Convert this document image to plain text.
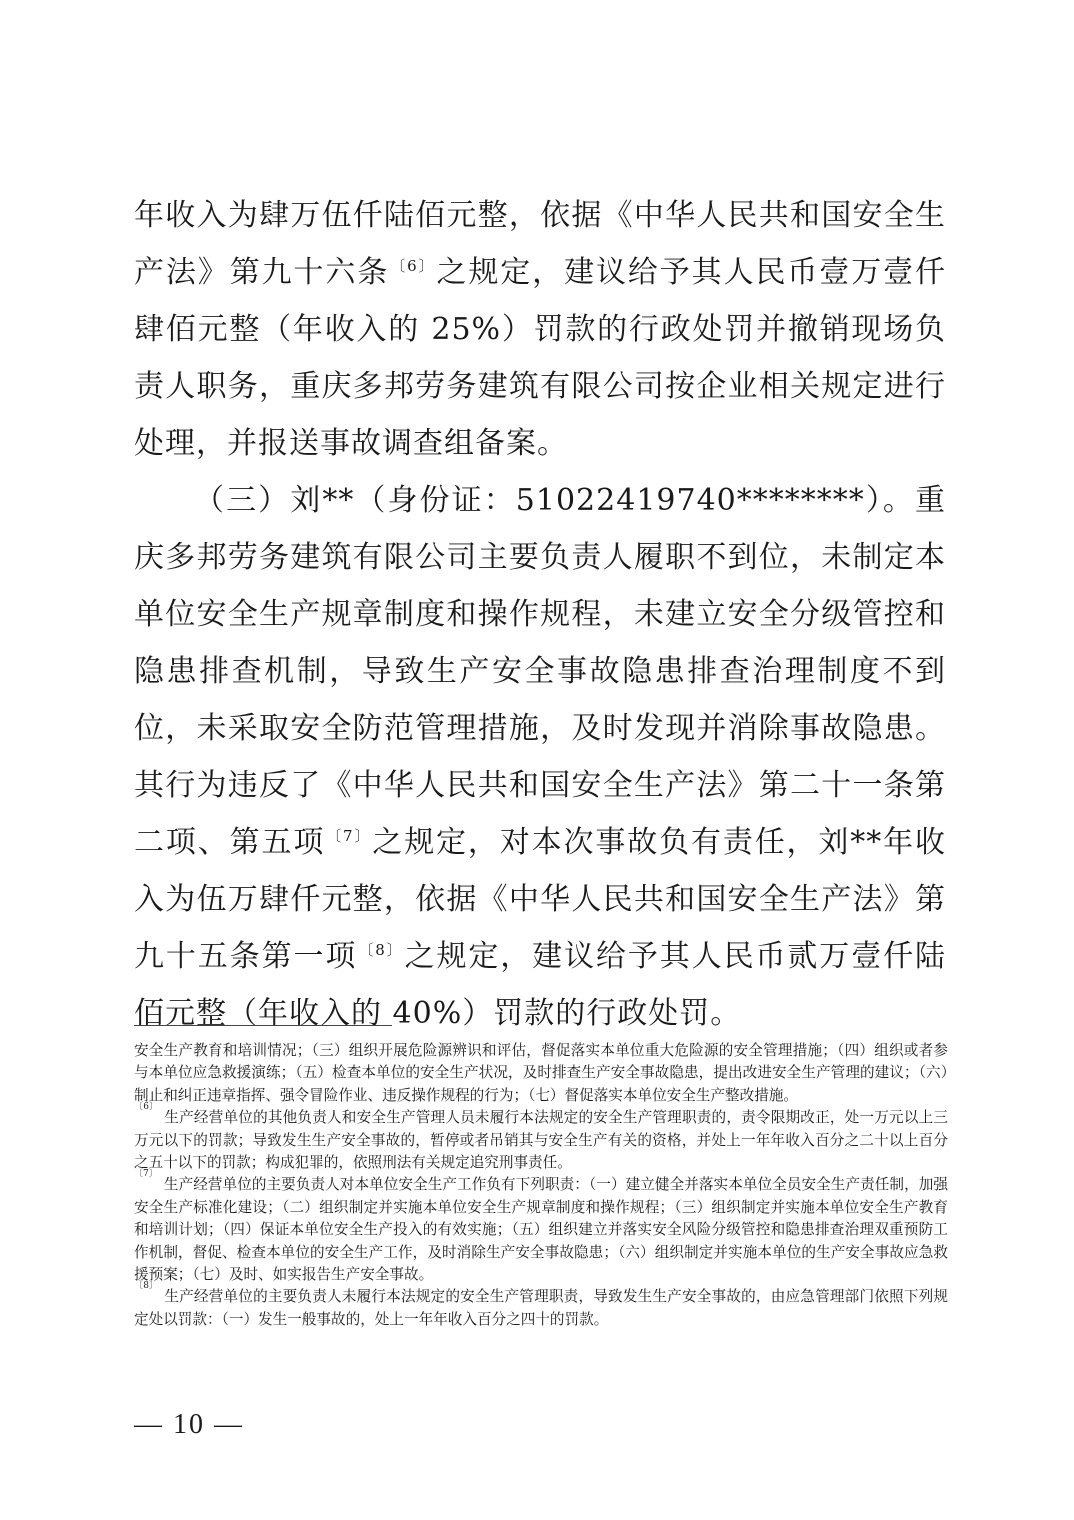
年收入为肆万伍仟陆佰元整，依据《中华人民共和国安全生产法》第九十六条$^{〔6〕}$之规定，建议给予其人民币壹万壹仟肆佰元整（年收入的 25%）罚款的行政处罚并撤销现场负责人职务，重庆多邦劳务建筑有限公司按企业相关规定进行处理，并报送事故调查组备案。

（三）刘**（身份证：51022419740********）。重庆多邦劳务建筑有限公司主要负责人履职不到位，未制定本单位安全生产规章制度和操作规程，未建立安全分级管控和隐患排查机制，导致生产安全事故隐患排查治理制度不到位，未采取安全防范管理措施，及时发现并消除事故隐患。其行为违反了《中华人民共和国安全生产法》第二十一条第二项、第五项$^{〔7〕}$之规定，对本次事故负有责任，刘**年收入为伍万肆仟元整，依据《中华人民共和国安全生产法》第九十五条第一项$^{〔8〕}$之规定，建议给予其人民币贰万壹仟陆佰元整（年收入的 40%）罚款的行政处罚。

安全生产教育和培训情况；（三）组织开展危险源辨识和评估，督促落实本单位重大危险源的安全管理措施；（四）组织或者参与本单位应急救援演练；（五）检查本单位的安全生产状况，及时排查生产安全事故隐患，提出改进安全生产管理的建议；（六）制止和纠正违章指挥、强令冒险作业、违反操作规程的行为；（七）督促落实本单位安全生产整改措施。

$^{〔6〕}$生产经营单位的其他负责人和安全生产管理人员未履行本法规定的安全生产管理职责的，责令限期改正，处一万元以上三万元以下的罚款；导致发生生产安全事故的，暂停或者吊销其与安全生产有关的资格，并处上一年年收入百分之二十以上百分之五十以下的罚款；构成犯罪的，依照刑法有关规定追究刑事责任。

$^{〔7〕}$生产经营单位的主要负责人对本单位安全生产工作负有下列职责：（一）建立健全并落实本单位全员安全生产责任制，加强安全生产标准化建设；（二）组织制定并实施本单位安全生产规章制度和操作规程；（三）组织制定并实施本单位安全生产教育和培训计划；（四）保证本单位安全生产投入的有效实施；（五）组织建立并落实安全风险分级管控和隐患排查治理双重预防工作机制，督促、检查本单位的安全生产工作，及时消除生产安全事故隐患；（六）组织制定并实施本单位的生产安全事故应急救援预案；（七）及时、如实报告生产安全事故。

$^{〔8〕}$生产经营单位的主要负责人未履行本法规定的安全生产管理职责，导致发生生产安全事故的，由应急管理部门依照下列规定处以罚款：（一）发生一般事故的，处上一年年收入百分之四十的罚款。

— 10 —
